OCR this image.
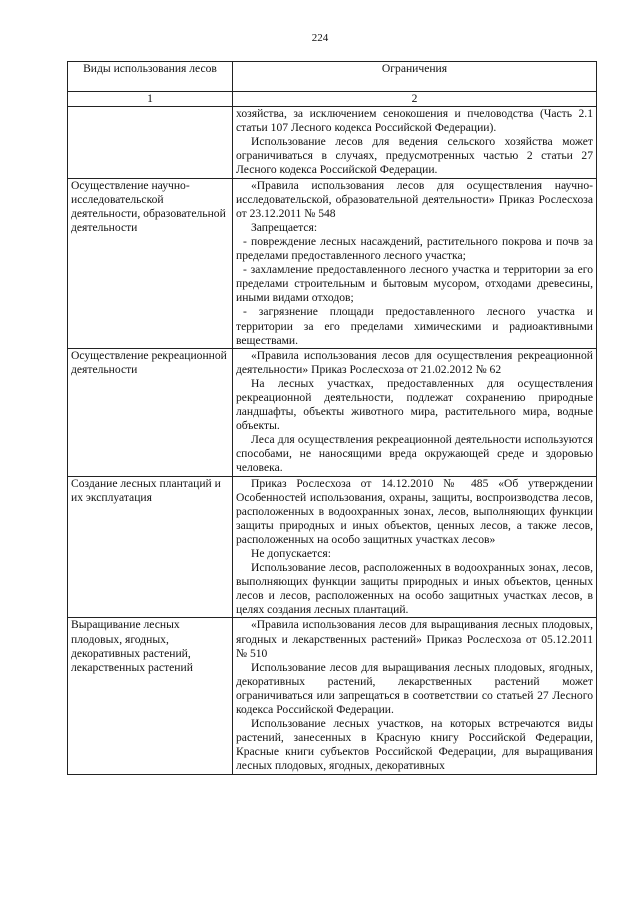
224
Виды использования лесов	Ограничения
1	2

	хозяйства, за исключением сенокошения и пчеловодства (Часть 2.1 статьи 107 Лесного кодекса Российской Федерации).

Использование лесов для ведения сельского хозяйства может ограничиваться в случаях, предусмотренных частью 2 статьи 27 Лесного кодекса Российской Федерации.

Осуществление научно-исследовательской деятельности, образовательной деятельности	«Правила использования лесов для осуществления научно-исследовательской, образовательной деятельности» Приказ Рослесхоза от 23.12.2011 № 548

Запрещается:

- повреждение лесных насаждений, растительного покрова и почв за пределами предоставленного лесного участка;

- захламление предоставленного лесного участка и территории за его пределами строительным и бытовым мусором, отходами древесины, иными видами отходов;

- загрязнение площади предоставленного лесного участка и территории за его пределами химическими и радиоактивными веществами.

Осуществление рекреационной деятельности	«Правила использования лесов для осуществления рекреационной деятельности» Приказ Рослесхоза от 21.02.2012 № 62

На лесных участках, предоставленных для осуществления рекреационной деятельности, подлежат сохранению природные ландшафты, объекты животного мира, растительного мира, водные объекты.

Леса для осуществления рекреационной деятельности используются способами, не наносящими вреда окружающей среде и здоровью человека.

Создание лесных плантаций и их эксплуатация	Приказ Рослесхоза от 14.12.2010 № 485 «Об утверждении Особенностей использования, охраны, защиты, воспроизводства лесов, расположенных в водоохранных зонах, лесов, выполняющих функции защиты природных и иных объектов, ценных лесов, а также лесов, расположенных на особо защитных участках лесов»

Не допускается:

Использование лесов, расположенных в водоохранных зонах, лесов, выполняющих функции защиты природных и иных объектов, ценных лесов и лесов, расположенных на особо защитных участках лесов, в целях создания лесных плантаций.

Выращивание лесных плодовых, ягодных, декоративных растений, лекарственных растений	«Правила использования лесов для выращивания лесных плодовых, ягодных и лекарственных растений» Приказ Рослесхоза от 05.12.2011 № 510

Использование лесов для выращивания лесных плодовых, ягодных, декоративных растений, лекарственных растений может ограничиваться или запрещаться в соответствии со статьей 27 Лесного кодекса Российской Федерации.

Использование лесных участков, на которых встречаются виды растений, занесенных в Красную книгу Российской Федерации, Красные книги субъектов Российской Федерации, для выращивания лесных плодовых, ягодных, декоративных
